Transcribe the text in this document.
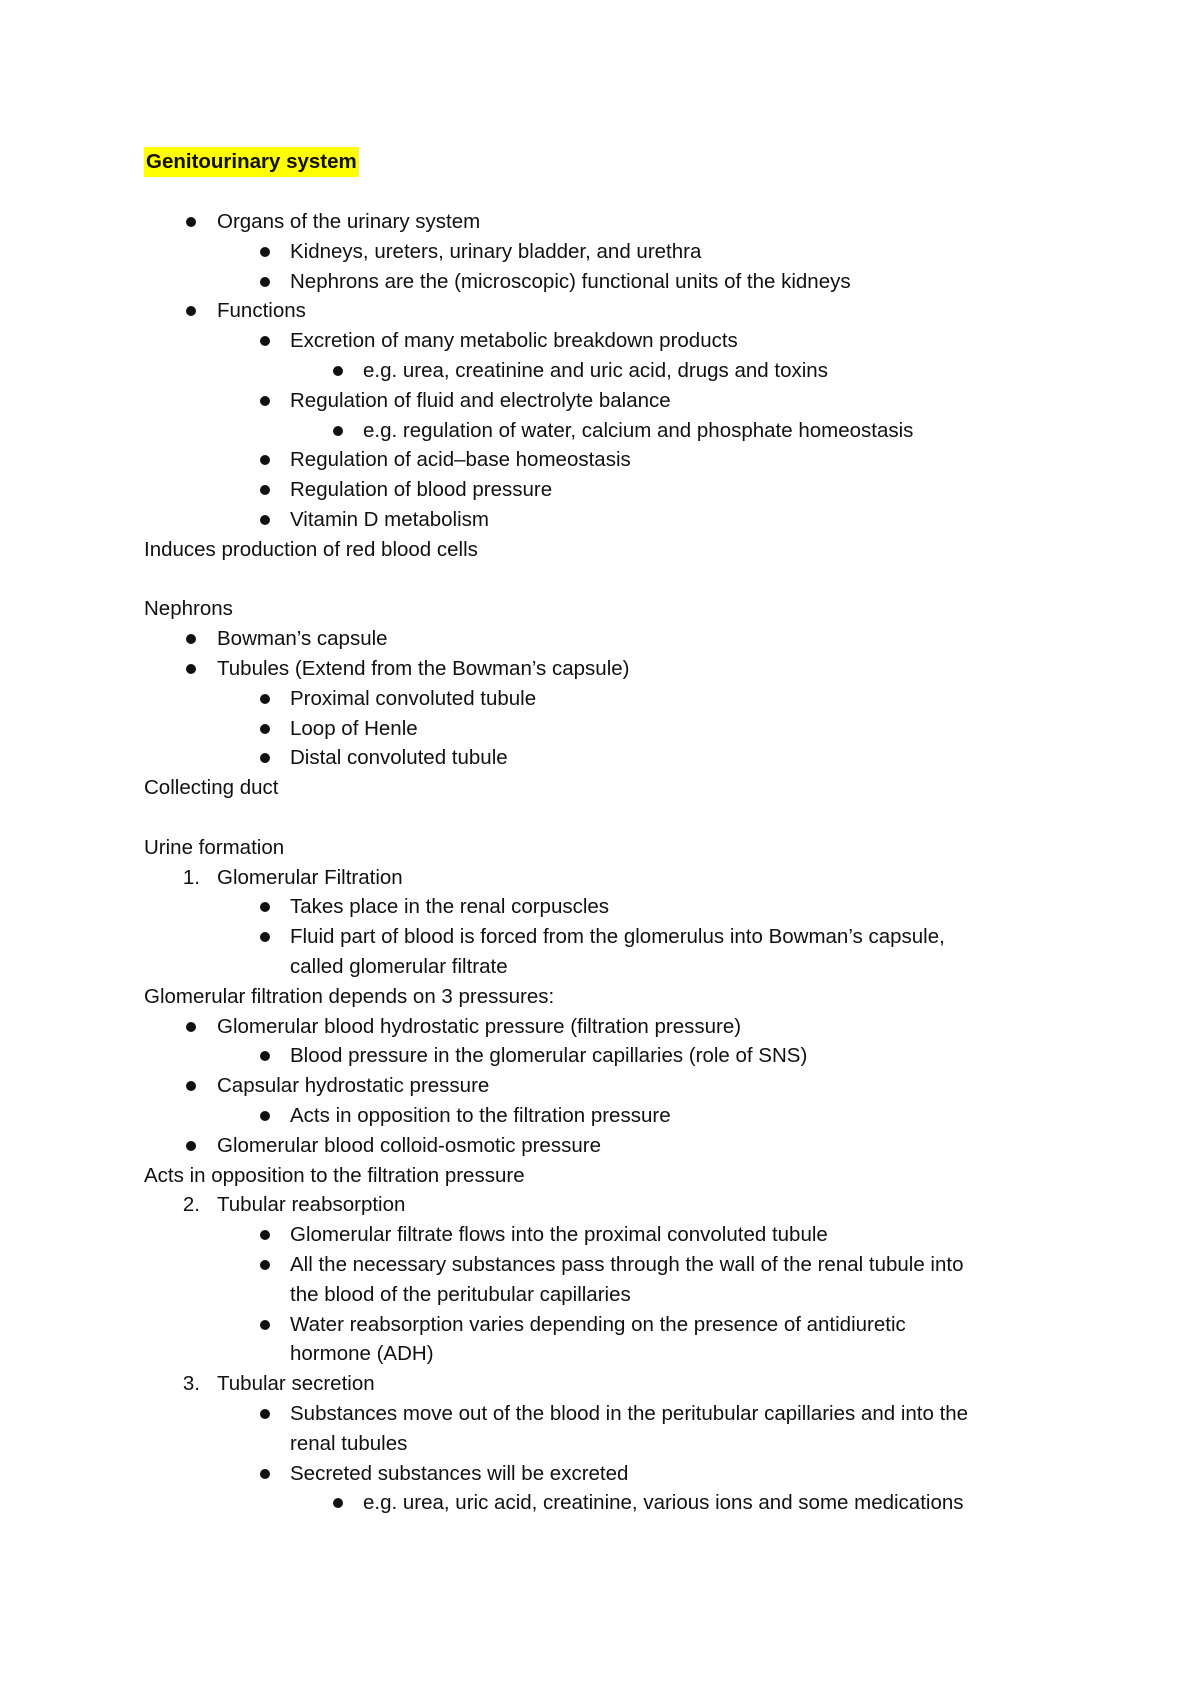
Genitourinary system
Organs of the urinary system
Kidneys, ureters, urinary bladder, and urethra
Nephrons are the (microscopic) functional units of the kidneys
Functions
Excretion of many metabolic breakdown products
e.g. urea, creatinine and uric acid, drugs and toxins
Regulation of fluid and electrolyte balance
e.g. regulation of water, calcium and phosphate homeostasis
Regulation of acid–base homeostasis
Regulation of blood pressure
Vitamin D metabolism
Induces production of red blood cells
Nephrons
Bowman’s capsule
Tubules (Extend from the Bowman’s capsule)
Proximal convoluted tubule
Loop of Henle
Distal convoluted tubule
Collecting duct
Urine formation
1. Glomerular Filtration
Takes place in the renal corpuscles
Fluid part of blood is forced from the glomerulus into Bowman’s capsule,
called glomerular filtrate
Glomerular filtration depends on 3 pressures:
Glomerular blood hydrostatic pressure (filtration pressure)
Blood pressure in the glomerular capillaries (role of SNS)
Capsular hydrostatic pressure
Acts in opposition to the filtration pressure
Glomerular blood colloid-osmotic pressure
Acts in opposition to the filtration pressure
2. Tubular reabsorption
Glomerular filtrate flows into the proximal convoluted tubule
All the necessary substances pass through the wall of the renal tubule into
the blood of the peritubular capillaries
Water reabsorption varies depending on the presence of antidiuretic
hormone (ADH)
3. Tubular secretion
Substances move out of the blood in the peritubular capillaries and into the
renal tubules
Secreted substances will be excreted
e.g. urea, uric acid, creatinine, various ions and some medications
